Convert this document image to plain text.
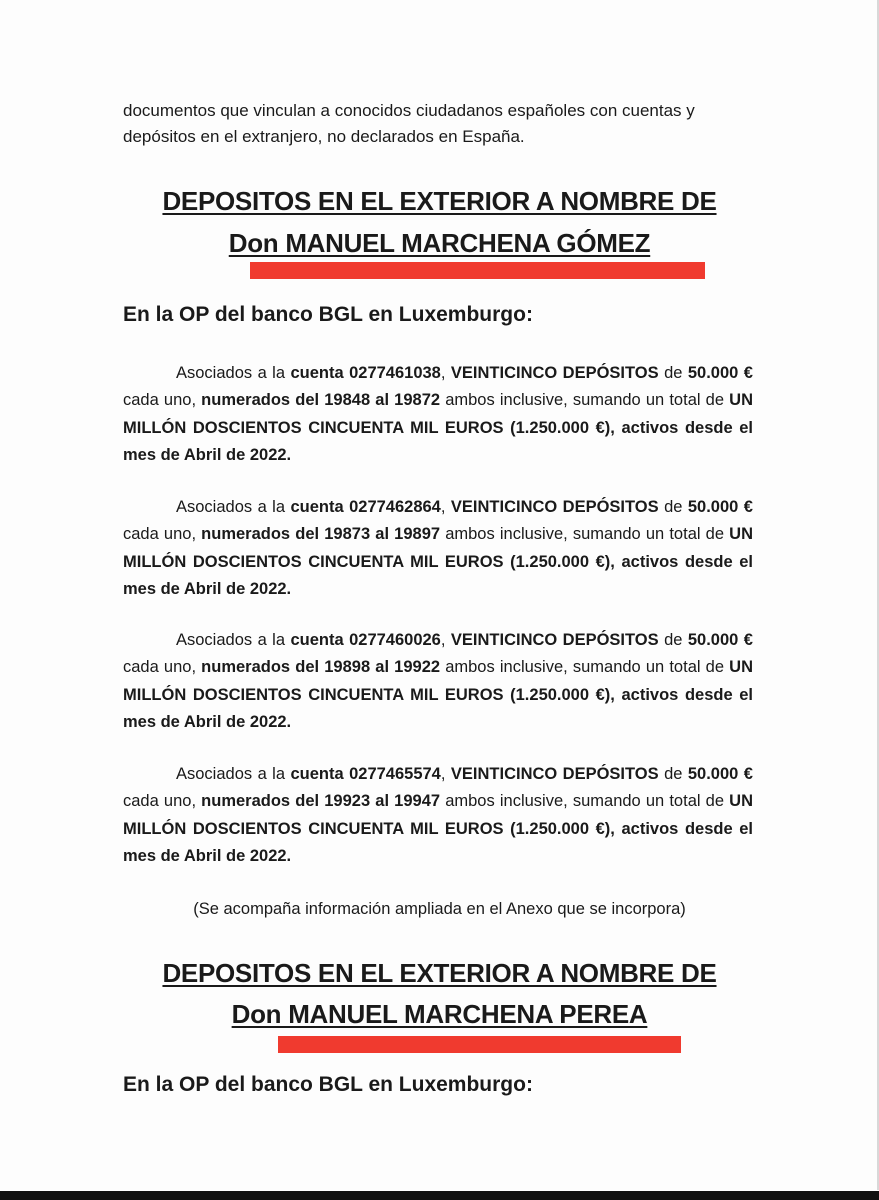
documentos que vinculan a conocidos ciudadanos españoles con cuentas y depósitos en el extranjero, no declarados en España.
DEPOSITOS EN EL EXTERIOR A NOMBRE DE
Don MANUEL MARCHENA GÓMEZ
En la OP del banco BGL en Luxemburgo:
Asociados a la cuenta 0277461038, VEINTICINCO DEPÓSITOS de 50.000 € cada uno, numerados del 19848 al 19872 ambos inclusive, sumando un total de UN MILLÓN DOSCIENTOS CINCUENTA MIL EUROS (1.250.000 €), activos desde el mes de Abril de 2022.
Asociados a la cuenta 0277462864, VEINTICINCO DEPÓSITOS de 50.000 € cada uno, numerados del 19873 al 19897 ambos inclusive, sumando un total de UN MILLÓN DOSCIENTOS CINCUENTA MIL EUROS (1.250.000 €), activos desde el mes de Abril de 2022.
Asociados a la cuenta 0277460026, VEINTICINCO DEPÓSITOS de 50.000 € cada uno, numerados del 19898 al 19922 ambos inclusive, sumando un total de UN MILLÓN DOSCIENTOS CINCUENTA MIL EUROS (1.250.000 €), activos desde el mes de Abril de 2022.
Asociados a la cuenta 0277465574, VEINTICINCO DEPÓSITOS de 50.000 € cada uno, numerados del 19923 al 19947 ambos inclusive, sumando un total de UN MILLÓN DOSCIENTOS CINCUENTA MIL EUROS (1.250.000 €), activos desde el mes de Abril de 2022.
(Se acompaña información ampliada en el Anexo que se incorpora)
DEPOSITOS EN EL EXTERIOR A NOMBRE DE
Don MANUEL MARCHENA PEREA
En la OP del banco BGL en Luxemburgo:
